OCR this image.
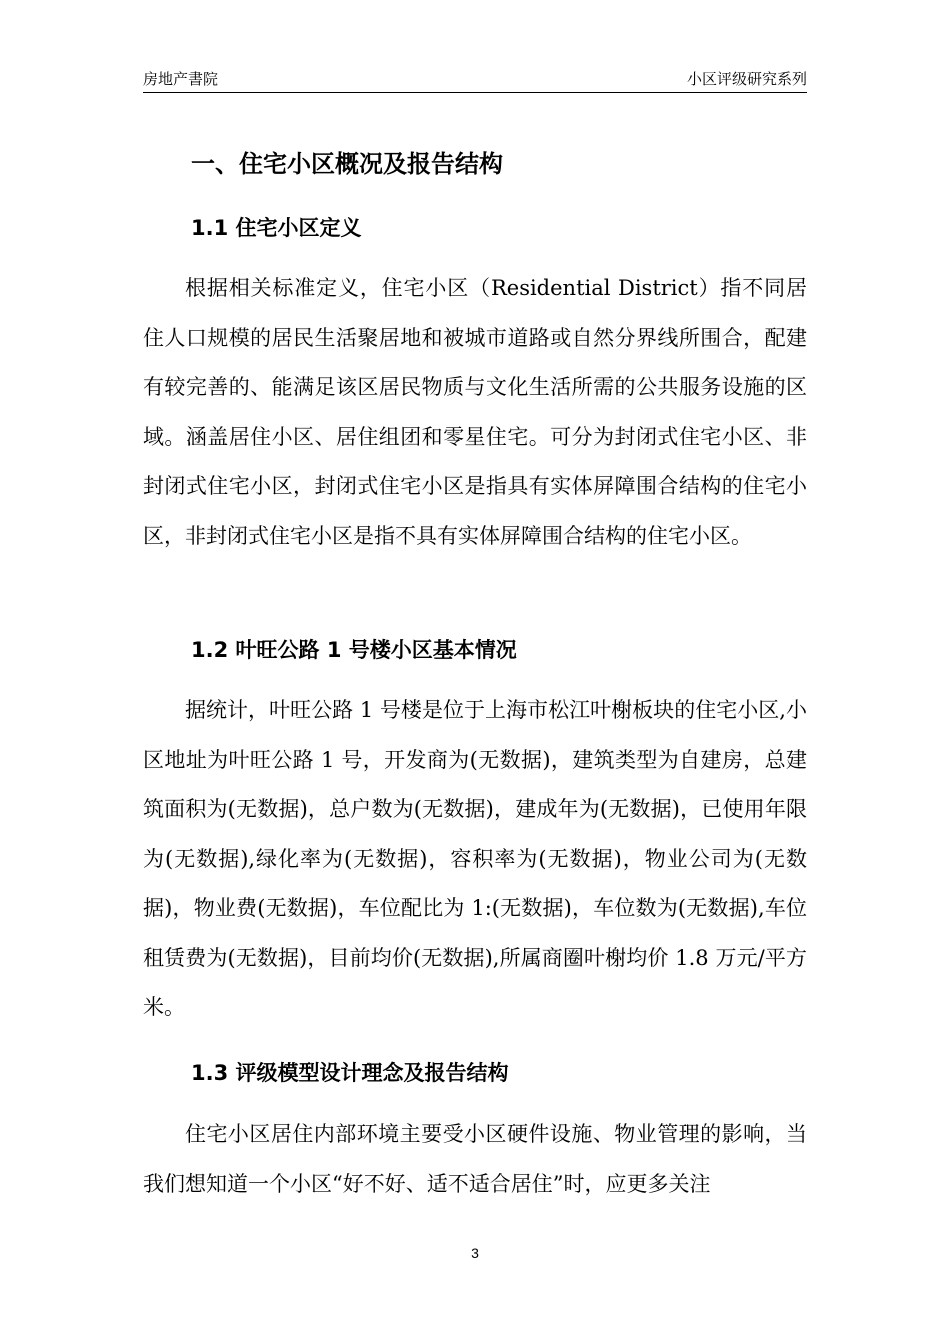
房地产書院	小区评级研究系列
一、住宅小区概况及报告结构
1.1 住宅小区定义

根据相关标准定义，住宅小区（Residential District）指不同居住人口规模的居民生活聚居地和被城市道路或自然分界线所围合，配建有较完善的、能满足该区居民物质与文化生活所需的公共服务设施的区域。涵盖居住小区、居住组团和零星住宅。可分为封闭式住宅小区、非封闭式住宅小区，封闭式住宅小区是指具有实体屏障围合结构的住宅小区，非封闭式住宅小区是指不具有实体屏障围合结构的住宅小区。

1.2 叶旺公路 1 号楼小区基本情况

据统计，叶旺公路 1 号楼是位于上海市松江叶榭板块的住宅小区,小区地址为叶旺公路 1 号，开发商为(无数据)，建筑类型为自建房，总建筑面积为(无数据)，总户数为(无数据)，建成年为(无数据)，已使用年限为(无数据),绿化率为(无数据)，容积率为(无数据)，物业公司为(无数据)，物业费(无数据)，车位配比为 1:(无数据)，车位数为(无数据),车位租赁费为(无数据)，目前均价(无数据),所属商圈叶榭均价 1.8 万元/平方米。

1.3 评级模型设计理念及报告结构

住宅小区居住内部环境主要受小区硬件设施、物业管理的影响，当我们想知道一个小区“好不好、适不适合居住”时，应更多关注

3
